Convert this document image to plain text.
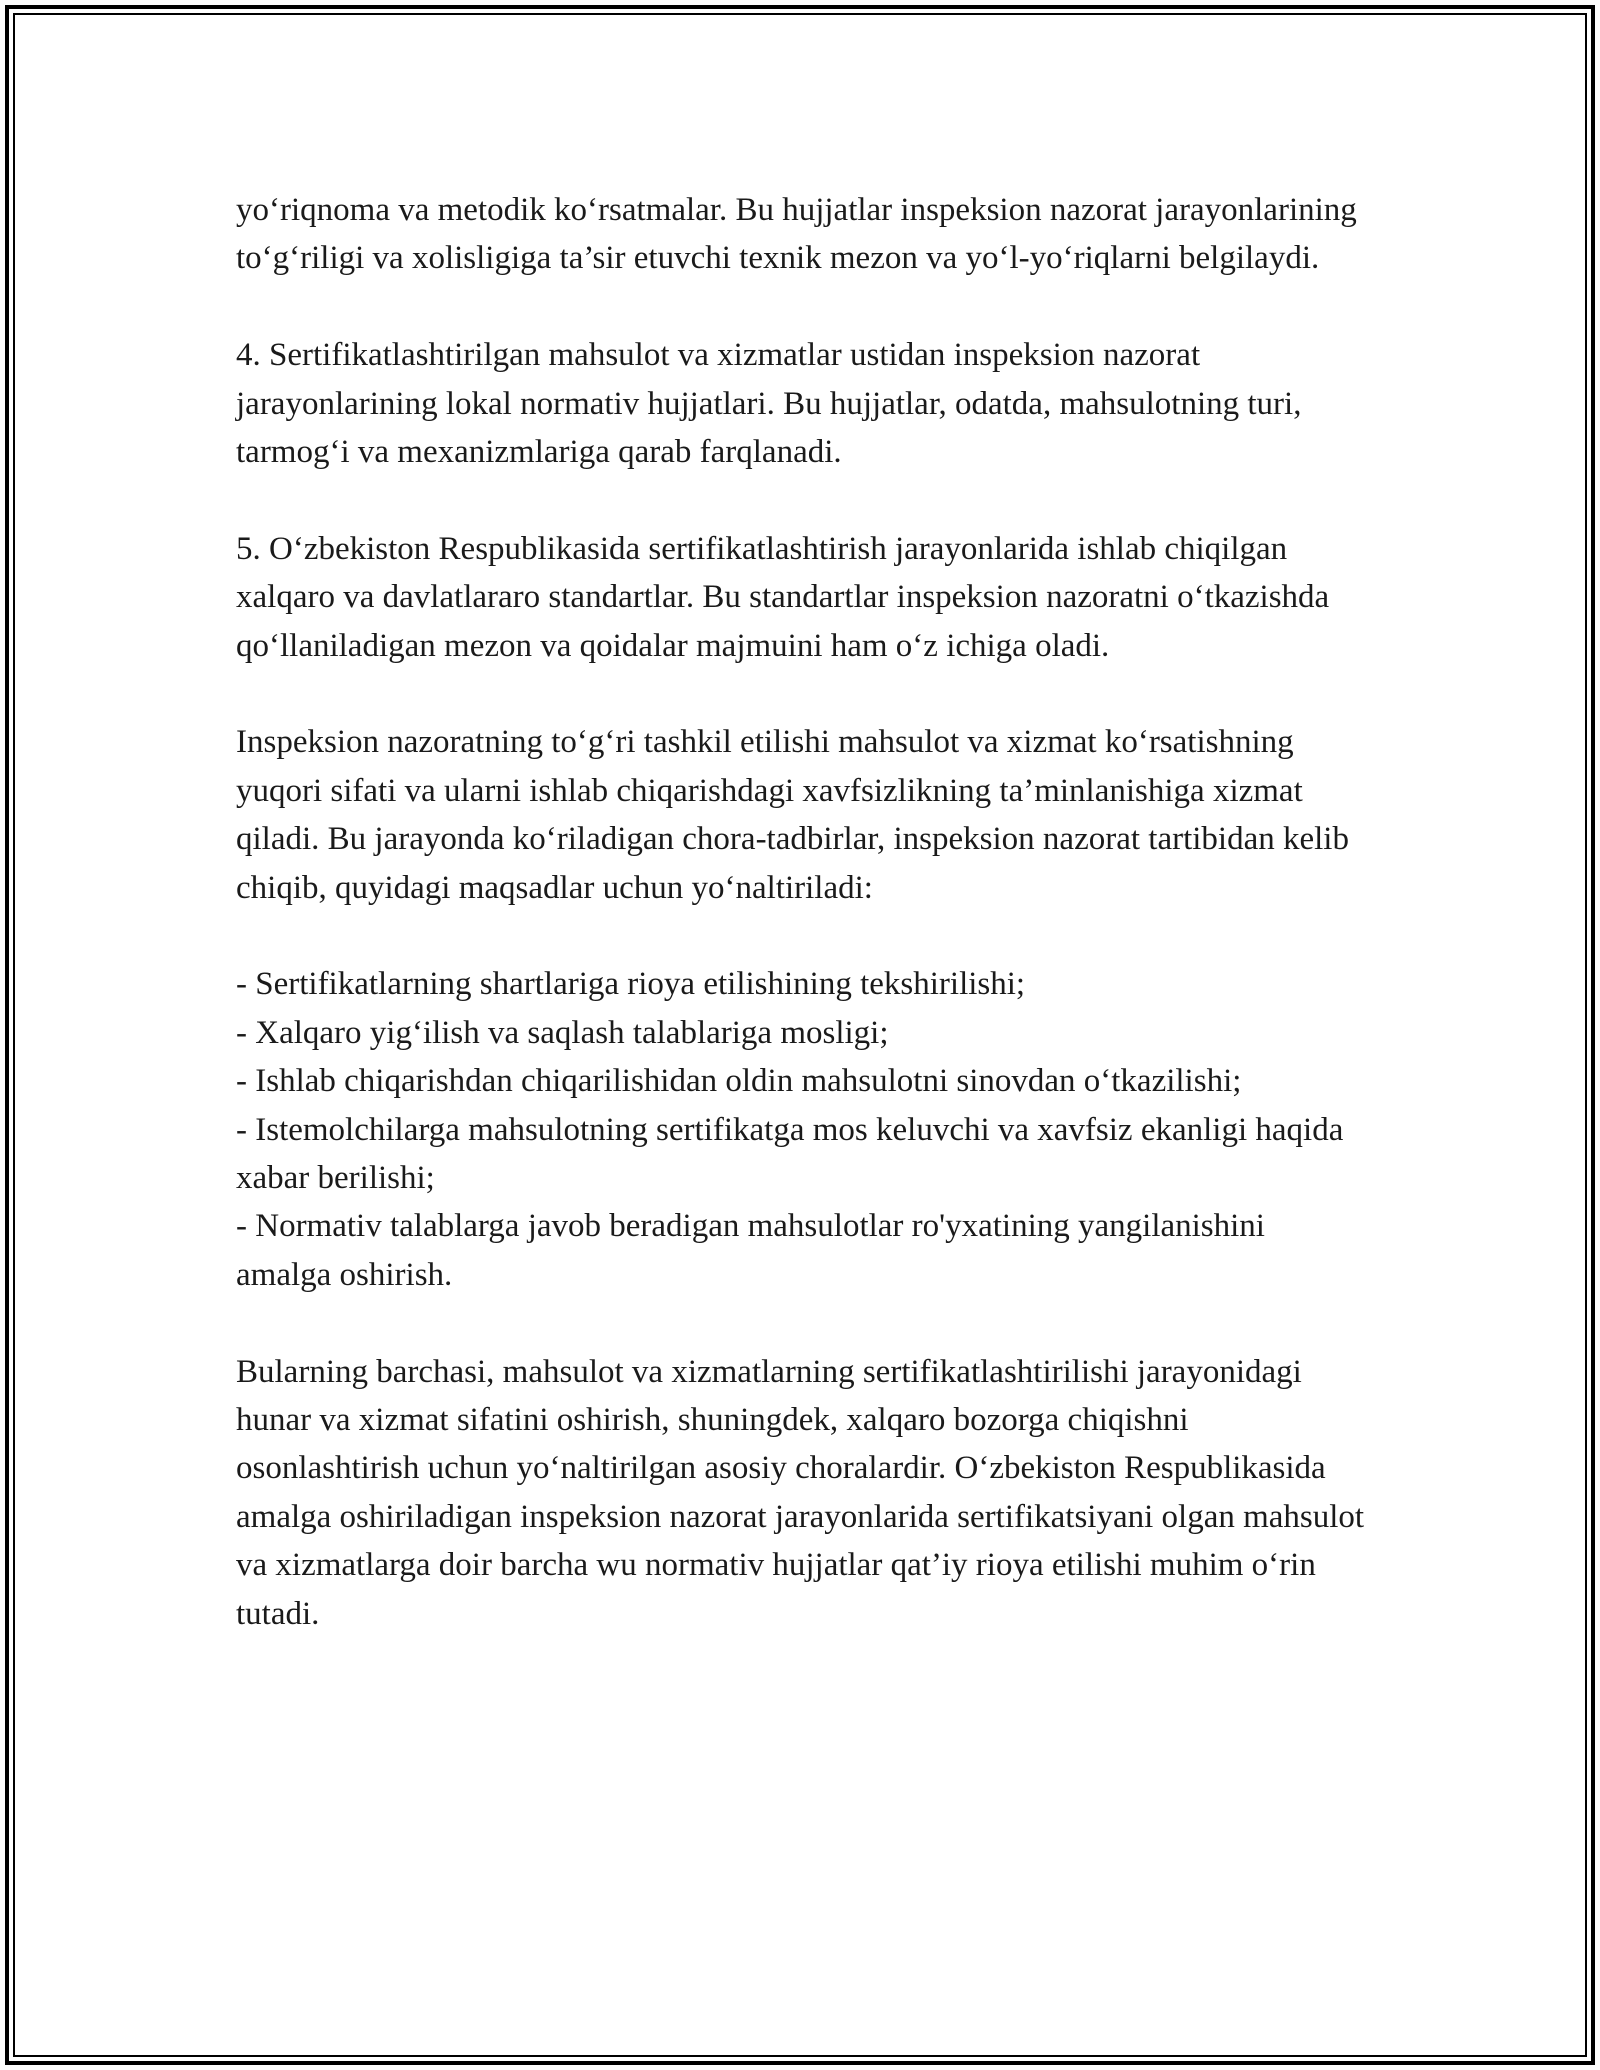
yo‘riqnoma va metodik ko‘rsatmalar. Bu hujjatlar inspeksion nazorat jarayonlarining to‘g‘riligi va xolisligiga ta’sir etuvchi texnik mezon va yo‘l-yo‘riqlarni belgilaydi.

4. Sertifikatlashtirilgan mahsulot va xizmatlar ustidan inspeksion nazorat jarayonlarining lokal normativ hujjatlari. Bu hujjatlar, odatda, mahsulotning turi, tarmog‘i va mexanizmlariga qarab farqlanadi.

5. O‘zbekiston Respublikasida sertifikatlashtirish jarayonlarida ishlab chiqilgan xalqaro va davlatlararo standartlar. Bu standartlar inspeksion nazoratni o‘tkazishda qo‘llaniladigan mezon va qoidalar majmuini ham o‘z ichiga oladi.

Inspeksion nazoratning to‘g‘ri tashkil etilishi mahsulot va xizmat ko‘rsatishning yuqori sifati va ularni ishlab chiqarishdagi xavfsizlikning ta’minlanishiga xizmat qiladi. Bu jarayonda ko‘riladigan chora-tadbirlar, inspeksion nazorat tartibidan kelib chiqib, quyidagi maqsadlar uchun yo‘naltiriladi:

- Sertifikatlarning shartlariga rioya etilishining tekshirilishi;
- Xalqaro yig‘ilish va saqlash talablariga mosligi;
- Ishlab chiqarishdan chiqarilishidan oldin mahsulotni sinovdan o‘tkazilishi;
- Istemolchilarga mahsulotning sertifikatga mos keluvchi va xavfsiz ekanligi haqida xabar berilishi;
- Normativ talablarga javob beradigan mahsulotlar ro'yxatining yangilanishini amalga oshirish.

Bularning barchasi, mahsulot va xizmatlarning sertifikatlashtirilishi jarayonidagi hunar va xizmat sifatini oshirish, shuningdek, xalqaro bozorga chiqishni osonlashtirish uchun yo‘naltirilgan asosiy choralardir. O‘zbekiston Respublikasida amalga oshiriladigan inspeksion nazorat jarayonlarida sertifikatsiyani olgan mahsulot va xizmatlarga doir barcha wu normativ hujjatlar qat’iy rioya etilishi muhim o‘rin tutadi.
